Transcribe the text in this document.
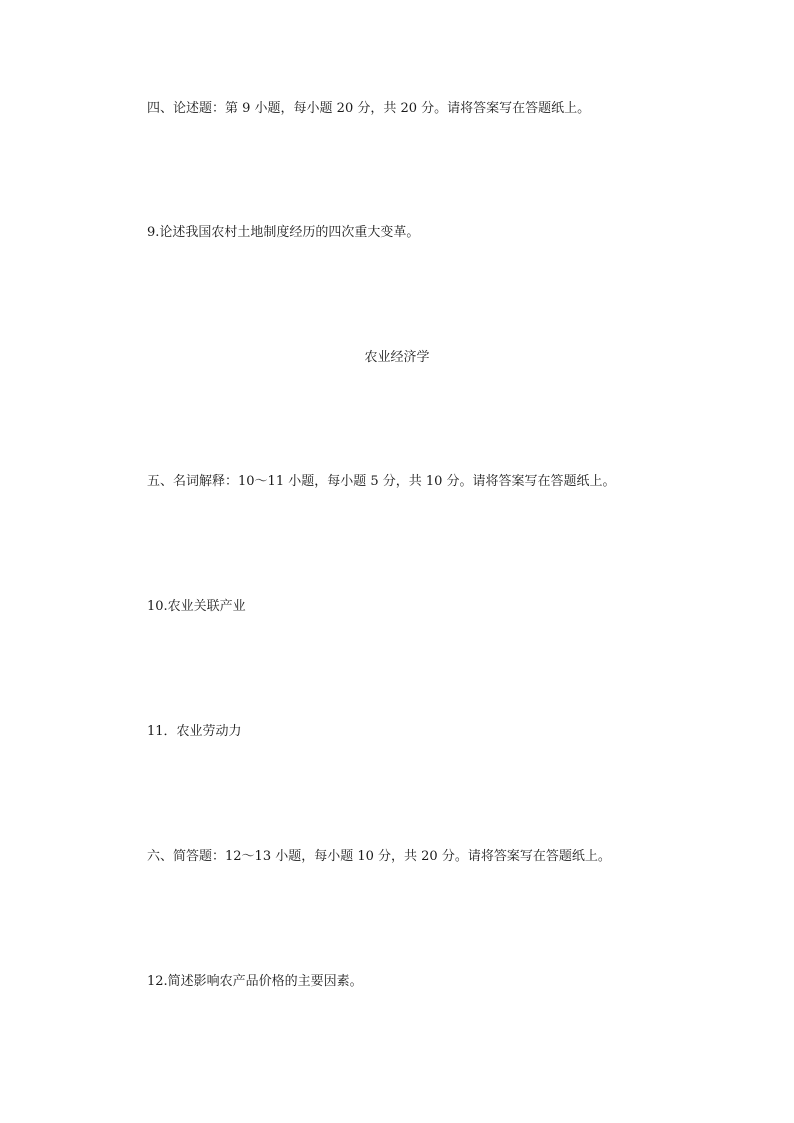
四、论述题：第 9 小题，每小题 20 分，共 20 分。请将答案写在答题纸上。

9.论述我国农村土地制度经历的四次重大变革。

农业经济学

五、名词解释：10～11 小题，每小题 5 分，共 10 分。请将答案写在答题纸上。

10.农业关联产业

11．农业劳动力

六、简答题：12～13 小题，每小题 10 分，共 20 分。请将答案写在答题纸上。

12.简述影响农产品价格的主要因素。
